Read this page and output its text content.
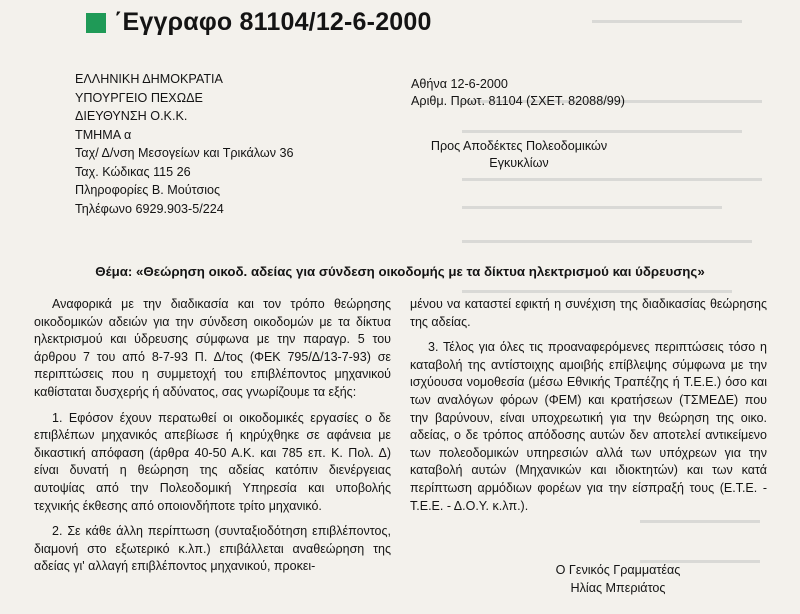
΄Εγγραφο 81104/12-6-2000
ΕΛΛΗΝΙΚΗ ΔΗΜΟΚΡΑΤΙΑ
ΥΠΟΥΡΓΕΙΟ ΠΕΧΩΔΕ
ΔΙΕΥΘΥΝΣΗ Ο.Κ.Κ.
ΤΜΗΜΑ α
Ταχ/ Δ/νση Μεσογείων και Τρικάλων 36
Ταχ. Κώδικας 115 26
Πληροφορίες Β. Μούτσιος
Τηλέφωνο 6929.903-5/224
Αθήνα 12-6-2000
Αριθμ. Πρωτ. 81104 (ΣΧΕΤ. 82088/99)
Προς Αποδέκτες Πολεοδομικών
Εγκυκλίων
Θέμα: «Θεώρηση οικοδ. αδείας για σύνδεση οικοδομής με τα δίκτυα ηλεκτρισμού και ύδρευσης»

Αναφορικά με την διαδικασία και τον τρόπο θεώρησης οικοδομικών αδειών για την σύνδεση οικοδομών με τα δίκτυα ηλεκτρισμού και ύδρευσης σύμφωνα με την παραγρ. 5 του άρθρου 7 του από 8-7-93 Π. Δ/τος (ΦΕΚ 795/Δ/13-7-93) σε περιπτώσεις που η συμμετοχή του επιβλέποντος μηχανικού καθίσταται δυσχερής ή αδύνατος, σας γνωρίζουμε τα εξής:

1. Εφόσον έχουν περατωθεί οι οικοδομικές εργασίες ο δε επιβλέπων μηχανικός απεβίωσε ή κηρύχθηκε σε αφάνεια με δικαστική απόφαση (άρθρα 40-50 Α.Κ. και 785 επ. Κ. Πολ. Δ) είναι δυνατή η θεώρηση της αδείας κατόπιν διενέργειας αυτοψίας από την Πολεοδομική Υπηρεσία και υποβολής τεχνικής έκθεσης από οποιονδήποτε τρίτο μηχανικό.

2. Σε κάθε άλλη περίπτωση (συνταξιοδότηση επιβλέποντος, διαμονή στο εξωτερικό κ.λπ.) επιβάλλεται αναθεώρηση της αδείας γι' αλλαγή επιβλέποντος μηχανικού, προκει-

μένου να καταστεί εφικτή η συνέχιση της διαδικασίας θεώρησης της αδείας.

3. Τέλος για όλες τις προαναφερόμενες περιπτώσεις τόσο η καταβολή της αντίστοιχης αμοιβής επίβλεψης σύμφωνα με την ισχύουσα νομοθεσία (μέσω Εθνικής Τραπέζης ή Τ.Ε.Ε.) όσο και των αναλόγων φόρων (ΦΕΜ) και κρατήσεων (ΤΣΜΕΔΕ) που την βαρύνουν, είναι υποχρεωτική για την θεώρηση της οικο. αδείας, ο δε τρόπος απόδοσης αυτών δεν αποτελεί αντικείμενο των πολεοδομικών υπηρεσιών αλλά των υπόχρεων για την καταβολή αυτών (Μηχανικών και ιδιοκτητών) και των κατά περίπτωση αρμόδιων φορέων για την είσπραξή τους (Ε.Τ.Ε. - Τ.Ε.Ε. - Δ.Ο.Υ. κ.λπ.).

Ο Γενικός Γραμματέας
Ηλίας Μπεριάτος
